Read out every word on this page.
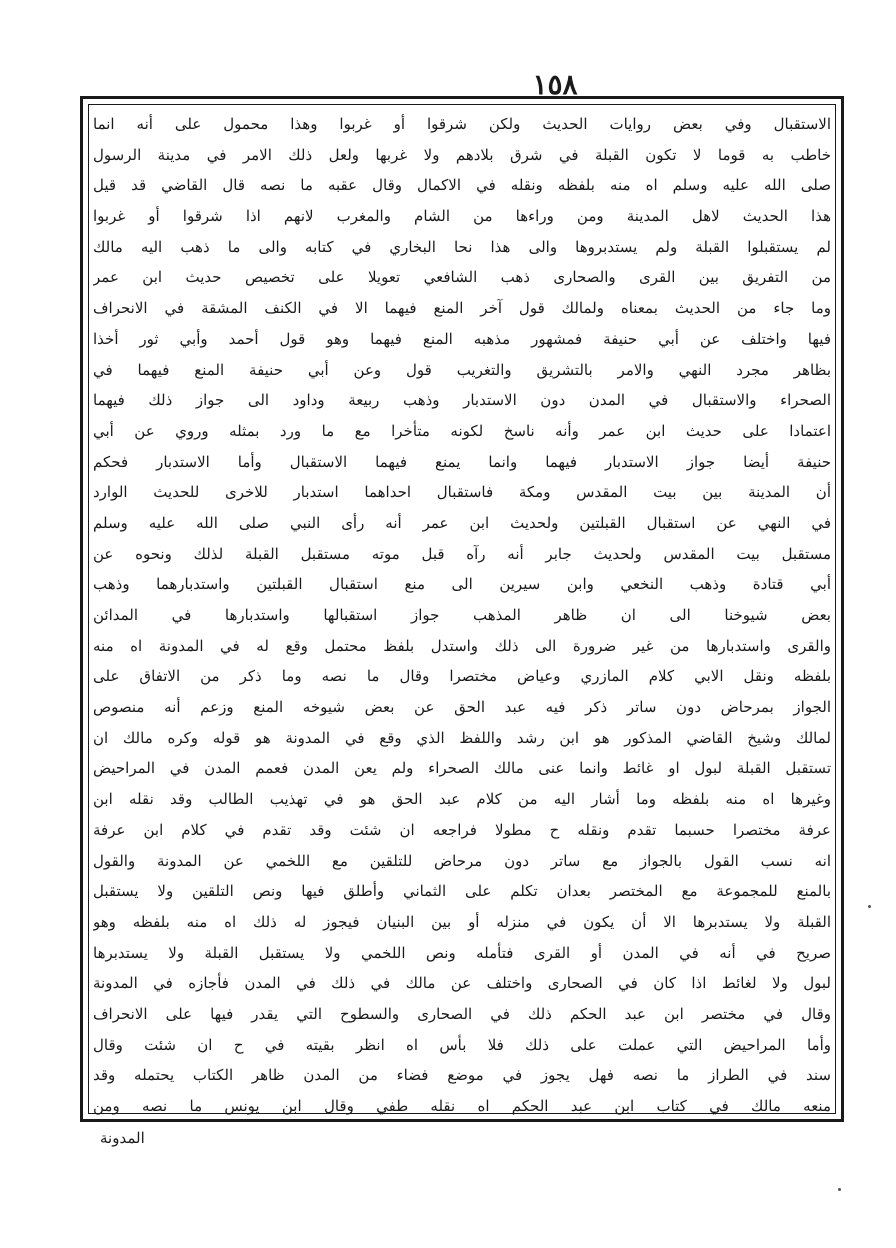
١٥٨
الاستقبال وفي بعض روايات الحديث ولكن شرقوا أو غربوا وهذا محمول على أنه انما
خاطب به قوما لا تكون القبلة في شرق بلادهم ولا غربها ولعل ذلك الامر في مدينة الرسول
صلى الله عليه وسلم اه منه بلفظه ونقله في الاكمال وقال عقبه ما نصه قال القاضي قد قيل
هذا الحديث لاهل المدينة ومن وراءها من الشام والمغرب لانهم اذا شرقوا أو غربوا
لم يستقبلوا القبلة ولم يستدبروها والى هذا نحا البخاري في كتابه والى ما ذهب اليه مالك
من التفريق بين القرى والصحارى ذهب الشافعي تعويلا على تخصيص حديث ابن عمر
وما جاء من الحديث بمعناه ولمالك قول آخر المنع فيهما الا في الكنف المشقة في الانحراف
فيها واختلف عن أبي حنيفة فمشهور مذهبه المنع فيهما وهو قول أحمد وأبي ثور أخذا
بظاهر مجرد النهي والامر بالتشريق والتغريب قول وعن أبي حنيفة المنع فيهما في
الصحراء والاستقبال في المدن دون الاستدبار وذهب ربيعة وداود الى جواز ذلك فيهما
اعتمادا على حديث ابن عمر وأنه ناسخ لكونه متأخرا مع ما ورد بمثله وروي عن أبي
حنيفة أيضا جواز الاستدبار فيهما وانما يمنع فيهما الاستقبال وأما الاستدبار فحكم
أن المدينة بين بيت المقدس ومكة فاستقبال احداهما استدبار للاخرى للحديث الوارد
في النهي عن استقبال القبلتين ولحديث ابن عمر أنه رأى النبي صلى الله عليه وسلم
مستقبل بيت المقدس ولحديث جابر أنه رآه قبل موته مستقبل القبلة لذلك ونحوه عن
أبي قتادة وذهب النخعي وابن سيرين الى منع استقبال القبلتين واستدبارهما وذهب
بعض شيوخنا الى ان ظاهر المذهب جواز استقبالها واستدبارها في المدائن
والقرى واستدبارها من غير ضرورة الى ذلك واستدل بلفظ محتمل وقع له في المدونة اه منه
بلفظه ونقل الابي كلام المازري وعياض مختصرا وقال ما نصه وما ذكر من الاتفاق على
الجواز بمرحاض دون ساتر ذكر فيه عبد الحق عن بعض شيوخه المنع وزعم أنه منصوص
لمالك وشيخ القاضي المذكور هو ابن رشد واللفظ الذي وقع في المدونة هو قوله وكره مالك ان
تستقبل القبلة لبول او غائط وانما عنى مالك الصحراء ولم يعن المدن فعمم المدن في المراحيض
وغيرها اه منه بلفظه وما أشار اليه من كلام عبد الحق هو في تهذيب الطالب وقد نقله ابن
عرفة مختصرا حسبما تقدم ونقله ح مطولا فراجعه ان شئت وقد تقدم في كلام ابن عرفة
انه نسب القول بالجواز مع ساتر دون مرحاض للتلقين مع اللخمي عن المدونة والقول
بالمنع للمجموعة مع المختصر بعدان تكلم على الثماني وأطلق فيها ونص التلقين ولا يستقبل
القبلة ولا يستدبرها الا أن يكون في منزله أو بين البنيان فيجوز له ذلك اه منه بلفظه وهو
صريح في أنه في المدن أو القرى فتأمله ونص اللخمي ولا يستقبل القبلة ولا يستدبرها
لبول ولا لغائط اذا كان في الصحارى واختلف عن مالك في ذلك في المدن فأجازه في المدونة
وقال في مختصر ابن عبد الحكم ذلك في الصحارى والسطوح التي يقدر فيها على الانحراف
وأما المراحيض التي عملت على ذلك فلا بأس اه انظر بقيته في ح ان شئت وقال
سند في الطراز ما نصه فهل يجوز في موضع فضاء من المدن ظاهر الكتاب يحتمله وقد
منعه مالك في كتاب ابن عبد الحكم اه نقله طفي وقال ابن يونس ما نصه ومن
المدونة
